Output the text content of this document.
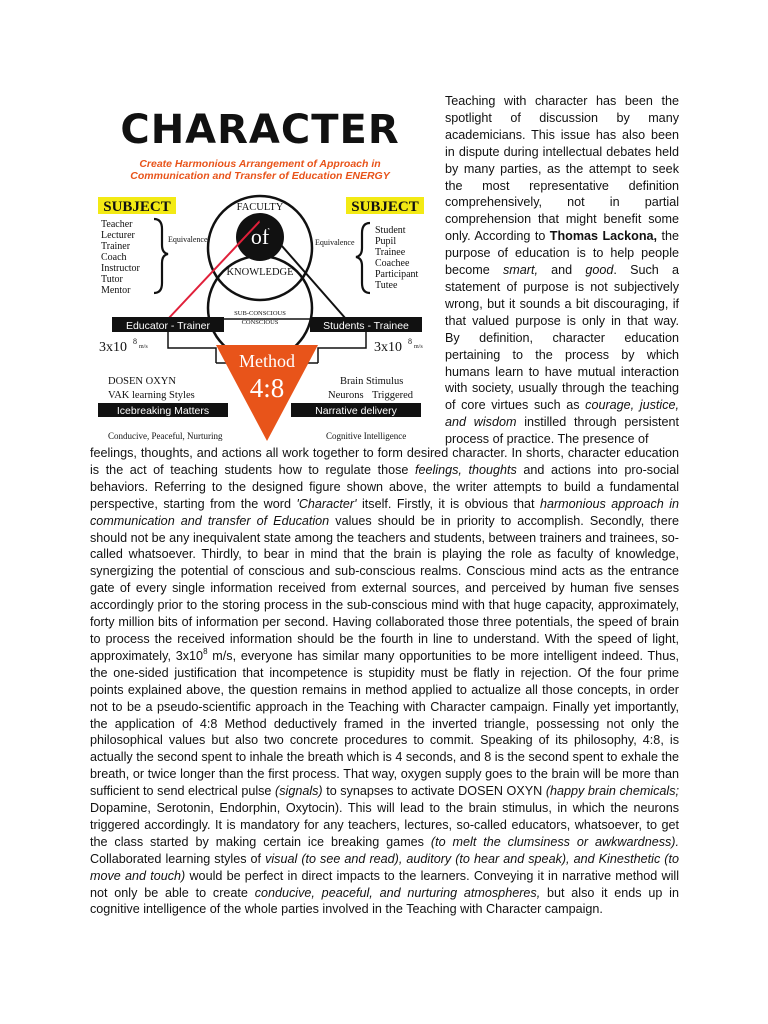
CHARACTER
Create Harmonious Arrangement of Approach in
Communication and Transfer of Education ENERGY
SUBJECT	SUBJECT
Teacher
Lecturer
Trainer
Coach
Instructor
Tutor
Mentor
Equivalence
Student
Pupil
Trainee
Coachee
Participant
Tutee
Equivalence
of
FACULTY
KNOWLEDGE
SUB-CONSCIOUS
CONSCIOUS
Educator - Trainer	Students - Trainee
3x10 8
m/s	3x10 8
m/s
Method
4:8
DOSEN OXYN
VAK learning Styles
Icebreaking Matters
Conducive, Peaceful, Nurturing
Brain Stimulus
Neurons Triggered
Narrative delivery
Cognitive Intelligence

Teaching with character has been the spotlight of discussion by many academicians. This issue has also been in dispute during intellectual debates held by many parties, as the attempt to seek the most representative definition comprehensively, not in partial comprehension that might benefit some only. According to Thomas Lackona, the purpose of education is to help people become smart, and good. Such a statement of purpose is not subjectively wrong, but it sounds a bit discouraging, if that valued purpose is only in that way. By definition, character education pertaining to the process by which humans learn to have mutual interaction with society, usually through the teaching of core virtues such as courage, justice, and wisdom instilled through persistent process of practice. The presence of

feelings, thoughts, and actions all work together to form desired character. In shorts, character education is the act of teaching students how to regulate those feelings, thoughts and actions into pro-social behaviors. Referring to the designed figure shown above, the writer attempts to build a fundamental perspective, starting from the word 'Character' itself. Firstly, it is obvious that harmonious approach in communication and transfer of Education values should be in priority to accomplish. Secondly, there should not be any inequivalent state among the teachers and students, between trainers and trainees, so-called whatsoever. Thirdly, to bear in mind that the brain is playing the role as faculty of knowledge, synergizing the potential of conscious and sub-conscious realms. Conscious mind acts as the entrance gate of every single information received from external sources, and perceived by human five senses accordingly prior to the storing process in the sub-conscious mind with that huge capacity, approximately, forty million bits of information per second. Having collaborated those three potentials, the speed of brain to process the received information should be the fourth in line to understand. With the speed of light, approximately, $3x10^8$ m/s, everyone has similar many opportunities to be more intelligent indeed. Thus, the one-sided justification that incompetence is stupidity must be flatly in rejection. Of the four prime points explained above, the question remains in method applied to actualize all those concepts, in order not to be a pseudo-scientific approach in the Teaching with Character campaign. Finally yet importantly, the application of 4:8 Method deductively framed in the inverted triangle, possessing not only the philosophical values but also two concrete procedures to commit. Speaking of its philosophy, 4:8, is actually the second spent to inhale the breath which is 4 seconds, and 8 is the second spent to exhale the breath, or twice longer than the first process. That way, oxygen supply goes to the brain will be more than sufficient to send electrical pulse (signals) to synapses to activate DOSEN OXYN (happy brain chemicals; Dopamine, Serotonin, Endorphin, Oxytocin). This will lead to the brain stimulus, in which the neurons triggered accordingly. It is mandatory for any teachers, lectures, so-called educators, whatsoever, to get the class started by making certain ice breaking games (to melt the clumsiness or awkwardness). Collaborated learning styles of visual (to see and read), auditory (to hear and speak), and Kinesthetic (to move and touch) would be perfect in direct impacts to the learners. Conveying it in narrative method will not only be able to create conducive, peaceful, and nurturing atmospheres, but also it ends up in cognitive intelligence of the whole parties involved in the Teaching with Character campaign.
